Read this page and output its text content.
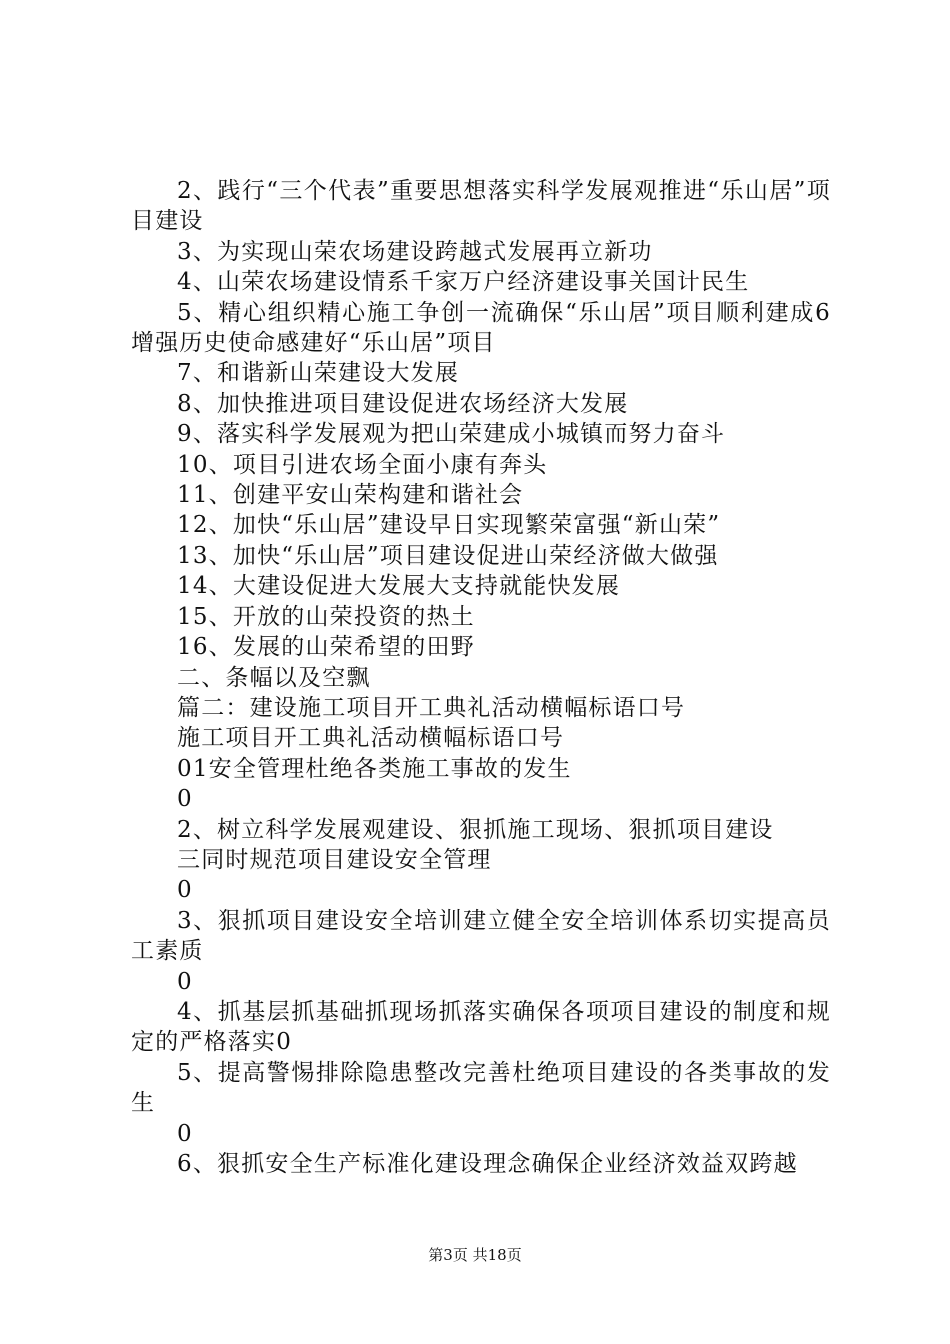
2、践行“三个代表”重要思想落实科学发展观推进“乐山居”项目建设

3、为实现山荣农场建设跨越式发展再立新功

4、山荣农场建设情系千家万户经济建设事关国计民生

5、精心组织精心施工争创一流确保“乐山居”项目顺利建成6增强历史使命感建好“乐山居”项目

7、和谐新山荣建设大发展

8、加快推进项目建设促进农场经济大发展

9、落实科学发展观为把山荣建成小城镇而努力奋斗

10、项目引进农场全面小康有奔头

11、创建平安山荣构建和谐社会

12、加快“乐山居”建设早日实现繁荣富强“新山荣”

13、加快“乐山居”项目建设促进山荣经济做大做强

14、大建设促进大发展大支持就能快发展

15、开放的山荣投资的热土

16、发展的山荣希望的田野

二、条幅以及空飘

篇二：建设施工项目开工典礼活动横幅标语口号

施工项目开工典礼活动横幅标语口号

01安全管理杜绝各类施工事故的发生

0

2、树立科学发展观建设、狠抓施工现场、狠抓项目建设

三同时规范项目建设安全管理

0

3、狠抓项目建设安全培训建立健全安全培训体系切实提高员工素质

0

4、抓基层抓基础抓现场抓落实确保各项项目建设的制度和规定的严格落实0

5、提高警惕排除隐患整改完善杜绝项目建设的各类事故的发生

0

6、狠抓安全生产标准化建设理念确保企业经济效益双跨越

第3页 共18页
